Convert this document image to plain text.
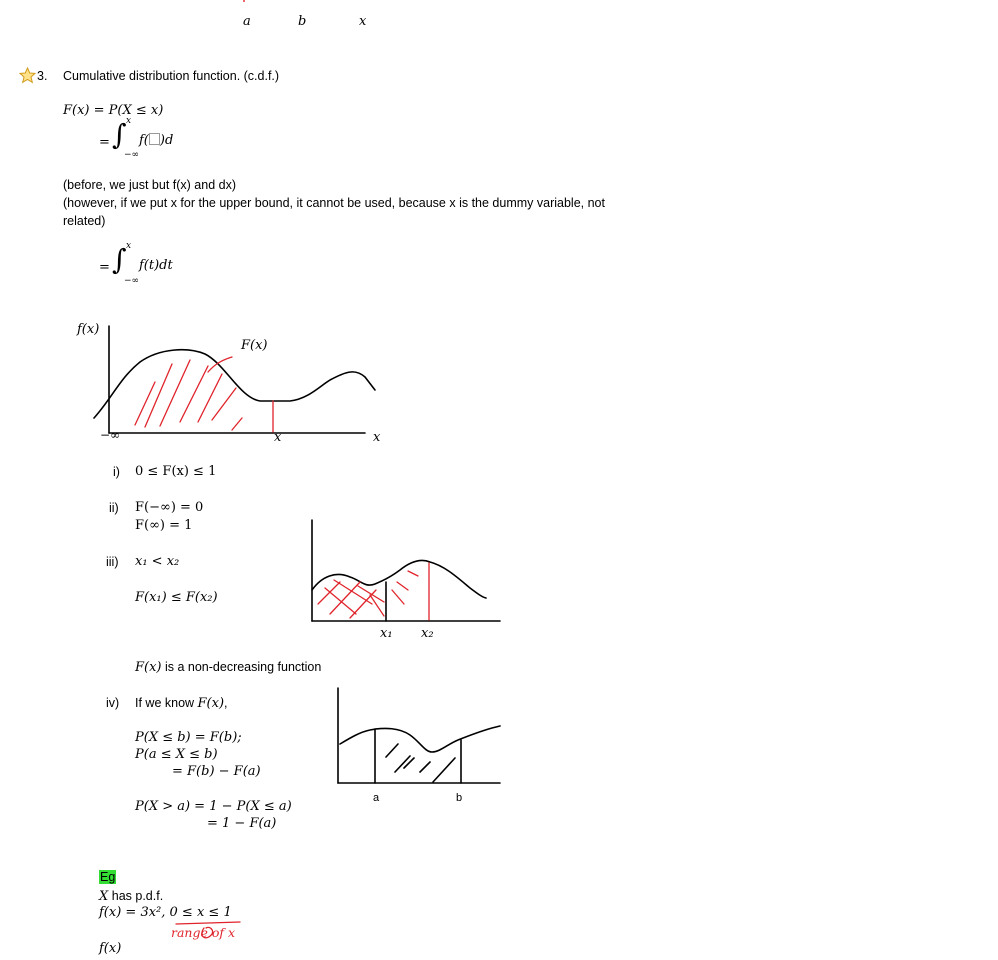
a	b	x
3. Cumulative distribution function. (c.d.f.)
F(x) = P(X ≤ x)
= ∫ x
−∞
f( )d
(before, we just but f(x) and dx)
(however, if we put x for the upper bound, it cannot be used, because x is the dummy variable, not
related)
= ∫ x
−∞
f(t)dt
f(x)
F(x)
−∞	x	x
i) 0 ≤ F(x) ≤ 1
ii) F(−∞) = 0
F(∞) = 1
iii) x₁ < x₂
F(x₁) ≤ F(x₂)
F(x) is a non-decreasing function
x₁ x₂
iv) If we know F(x),
P(X ≤ b) = F(b);
P(a ≤ X ≤ b)
= F(b) − F(a)
P(X > a) = 1 − P(X ≤ a)
= 1 − F(a)
a	b
Eg
X has p.d.f.
f(x) = 3x², 0 ≤ x ≤ 1
range of x
f(x)
